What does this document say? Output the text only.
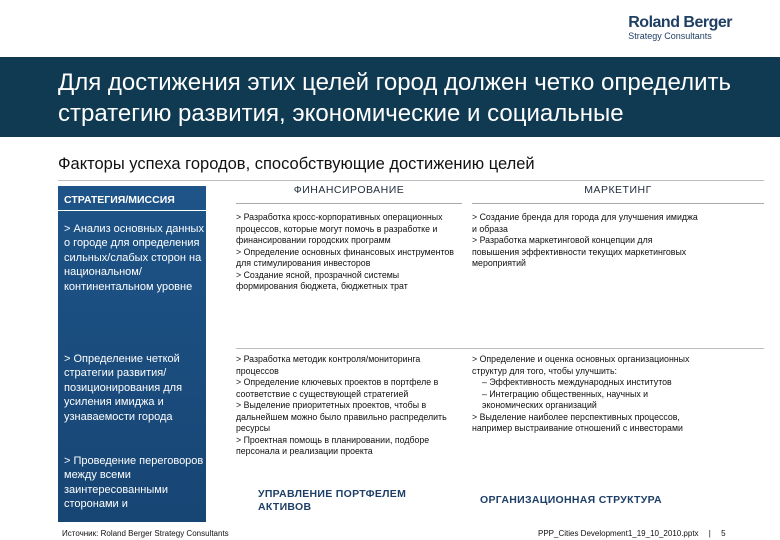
Roland Berger
Strategy Consultants
Для достижения этих целей город должен четко определить стратегию развития, экономические и социальные приоритеты
Факторы успеха городов, способствующие достижению целей
СТРАТЕГИЯ/МИССИЯ
> Анализ основных данных о городе для определения сильных/слабых сторон на национальном/ континентальном уровне
> Определение четкой стратегии развития/ позиционирования для усиления имиджа и узнаваемости города
> Проведение переговоров между всеми заинтересованными сторонами и
ФИНАНСИРОВАНИЕ	МАРКЕТИНГ
> Разработка кросс-корпоративных операционных процессов, которые могут помочь в разработке и финансировании городских программ
> Определение основных финансовых инструментов для стимулирования инвесторов
> Создание ясной, прозрачной системы формирования бюджета, бюджетных трат
> Создание бренда для города для улучшения имиджа и образа
> Разработка маркетинговой концепции для повышения эффективности текущих маркетинговых мероприятий
> Разработка методик контроля/мониторинга процессов
> Определение ключевых проектов в портфеле в соответствие с существующей стратегией
> Выделение приоритетных проектов, чтобы в дальнейшем можно было правильно распределить ресурсы
> Проектная помощь в планировании, подборе персонала и реализации проекта
> Определение и оценка основных организационных структур для того, чтобы улучшить:
– Эффективность международных институтов
– Интеграцию общественных, научных и экономических организаций
> Выделение наиболее перспективных процессов, например выстраивание отношений с инвесторами
УПРАВЛЕНИЕ ПОРТФЕЛЕМ АКТИВОВ
ОРГАНИЗАЦИОННАЯ СТРУКТУРА
Источник: Roland Berger Strategy Consultants	PPP_Cities Development1_19_10_2010.pptx | 5
